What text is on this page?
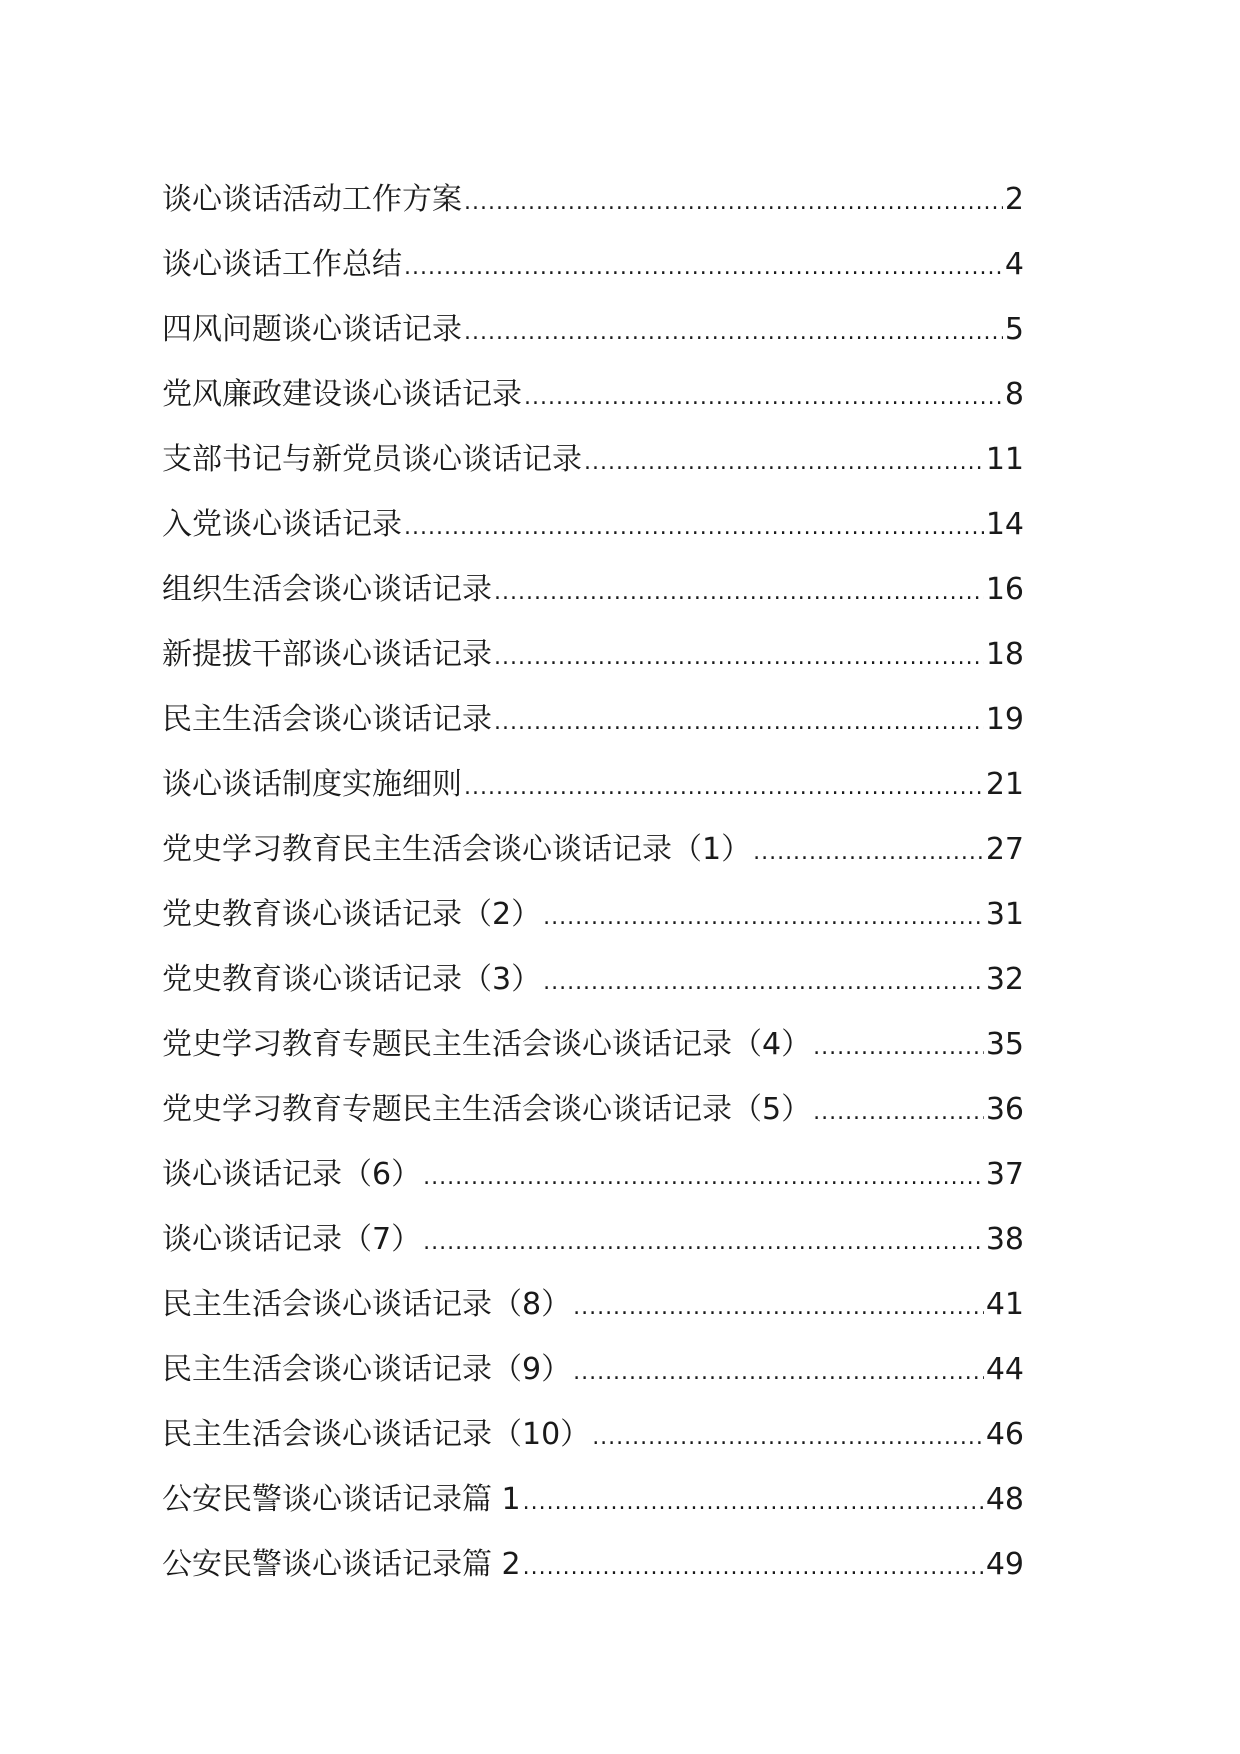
谈心谈话活动工作方案 .....	2
谈心谈话工作总结 .....	4
四风问题谈心谈话记录 .....	5
党风廉政建设谈心谈话记录 .....	8
支部书记与新党员谈心谈话记录 .....	11
入党谈心谈话记录 .....	14
组织生活会谈心谈话记录 .....	16
新提拔干部谈心谈话记录 .....	18
民主生活会谈心谈话记录 .....	19
谈心谈话制度实施细则 .....	21
党史学习教育民主生活会谈心谈话记录（1） .....	27
党史教育谈心谈话记录（2） .....	31
党史教育谈心谈话记录（3） .....	32
党史学习教育专题民主生活会谈心谈话记录（4） .....	35
党史学习教育专题民主生活会谈心谈话记录（5） .....	36
谈心谈话记录（6） .....	37
谈心谈话记录（7） .....	38
民主生活会谈心谈话记录（8） .....	41
民主生活会谈心谈话记录（9） .....	44
民主生活会谈心谈话记录（10） .....	46
公安民警谈心谈话记录篇 1 .....	48
公安民警谈心谈话记录篇 2 .....	49
